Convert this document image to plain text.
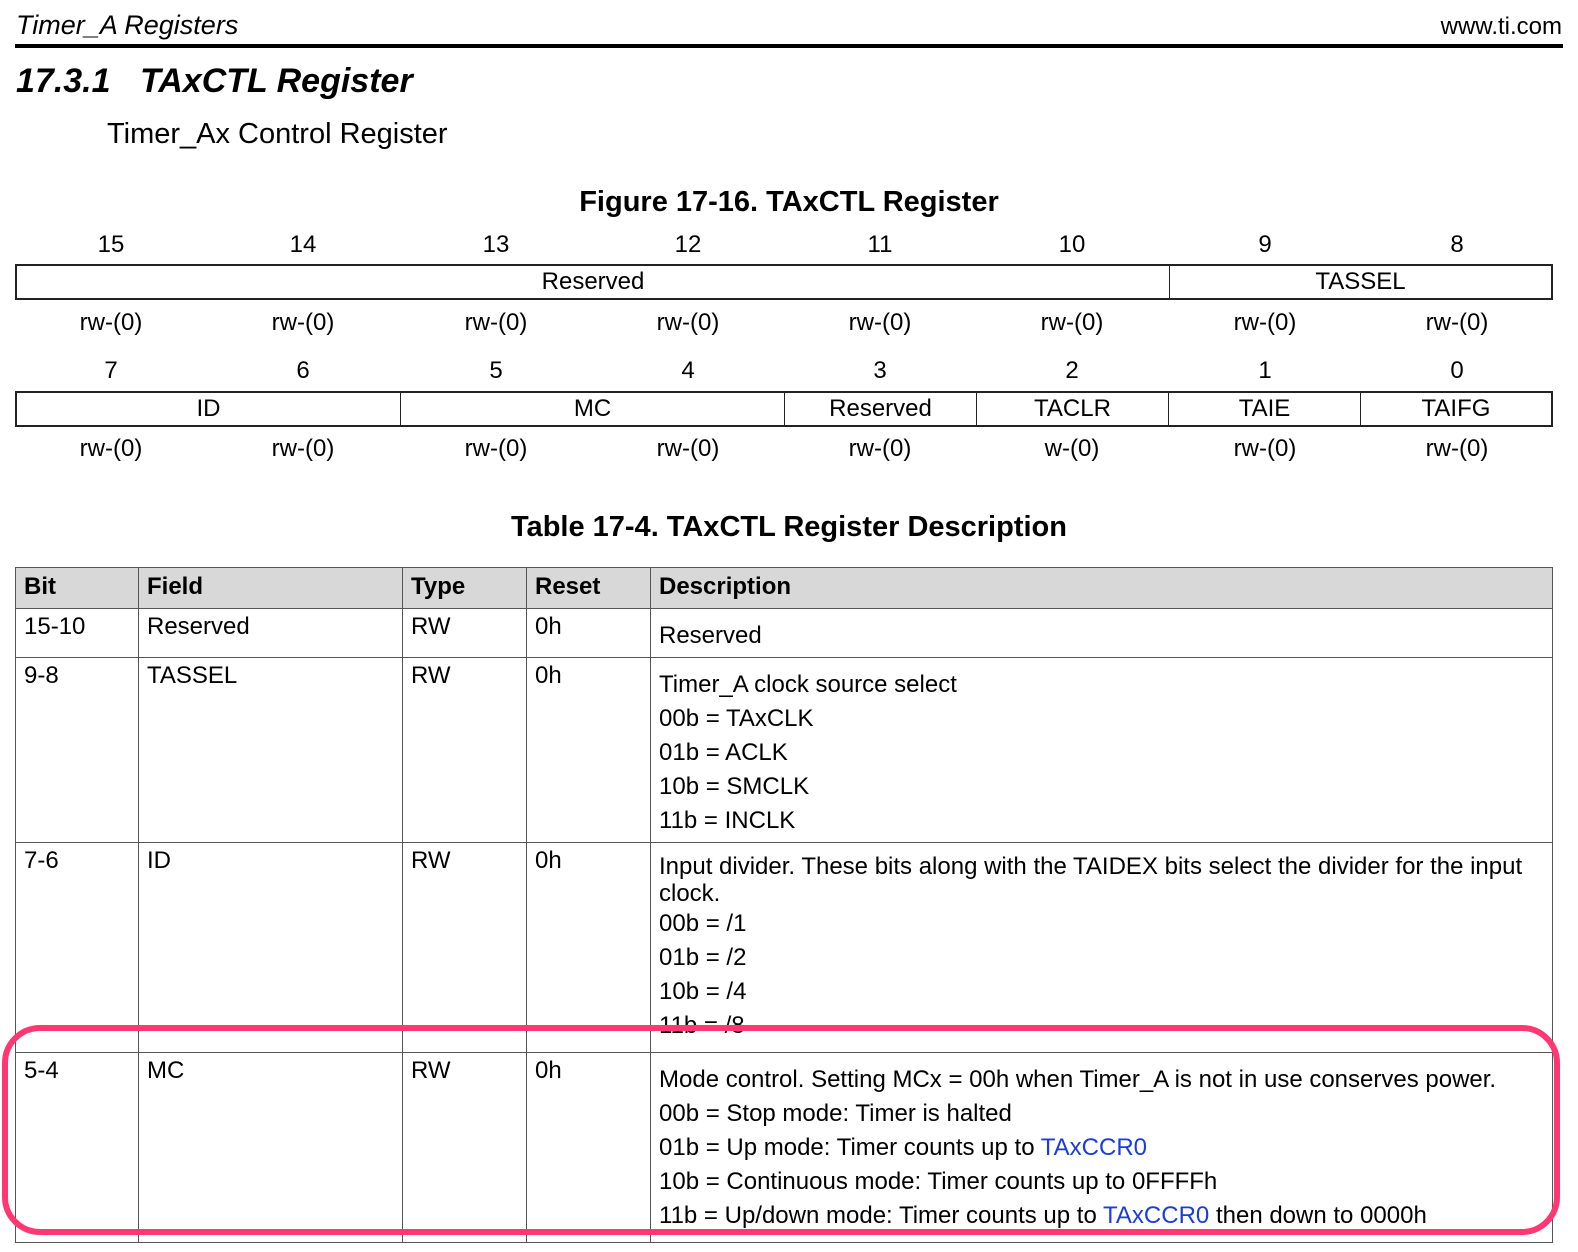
Timer_A Registers	www.ti.com
17.3.1 TAxCTL Register
Timer_Ax Control Register
Figure 17-16. TAxCTL Register
15	14	13	12	11	10	9	8
Reserved	TASSEL
rw-(0)	rw-(0)	rw-(0)	rw-(0)	rw-(0)	rw-(0)	rw-(0)	rw-(0)
7	6	5	4	3	2	1	0
ID	MC	Reserved	TACLR	TAIE	TAIFG
rw-(0)	rw-(0)	rw-(0)	rw-(0)	rw-(0)	w-(0)	rw-(0)	rw-(0)
Table 17-4. TAxCTL Register Description
Bit	Field	Type	Reset	Description
15-10	Reserved	RW	0h	Reserved

9-8	TASSEL	RW	0h	Timer_A clock source select
00b = TAxCLK
01b = ACLK
10b = SMCLK
11b = INCLK

7-6	ID	RW	0h	Input divider. These bits along with the TAIDEX bits select the divider for the input clock.
00b = /1
01b = /2
10b = /4
11b = /8

5-4	MC	RW	0h	Mode control. Setting MCx = 00h when Timer_A is not in use conserves power.
00b = Stop mode: Timer is halted
01b = Up mode: Timer counts up to TAxCCR0
10b = Continuous mode: Timer counts up to 0FFFFh
11b = Up/down mode: Timer counts up to TAxCCR0 then down to 0000h
